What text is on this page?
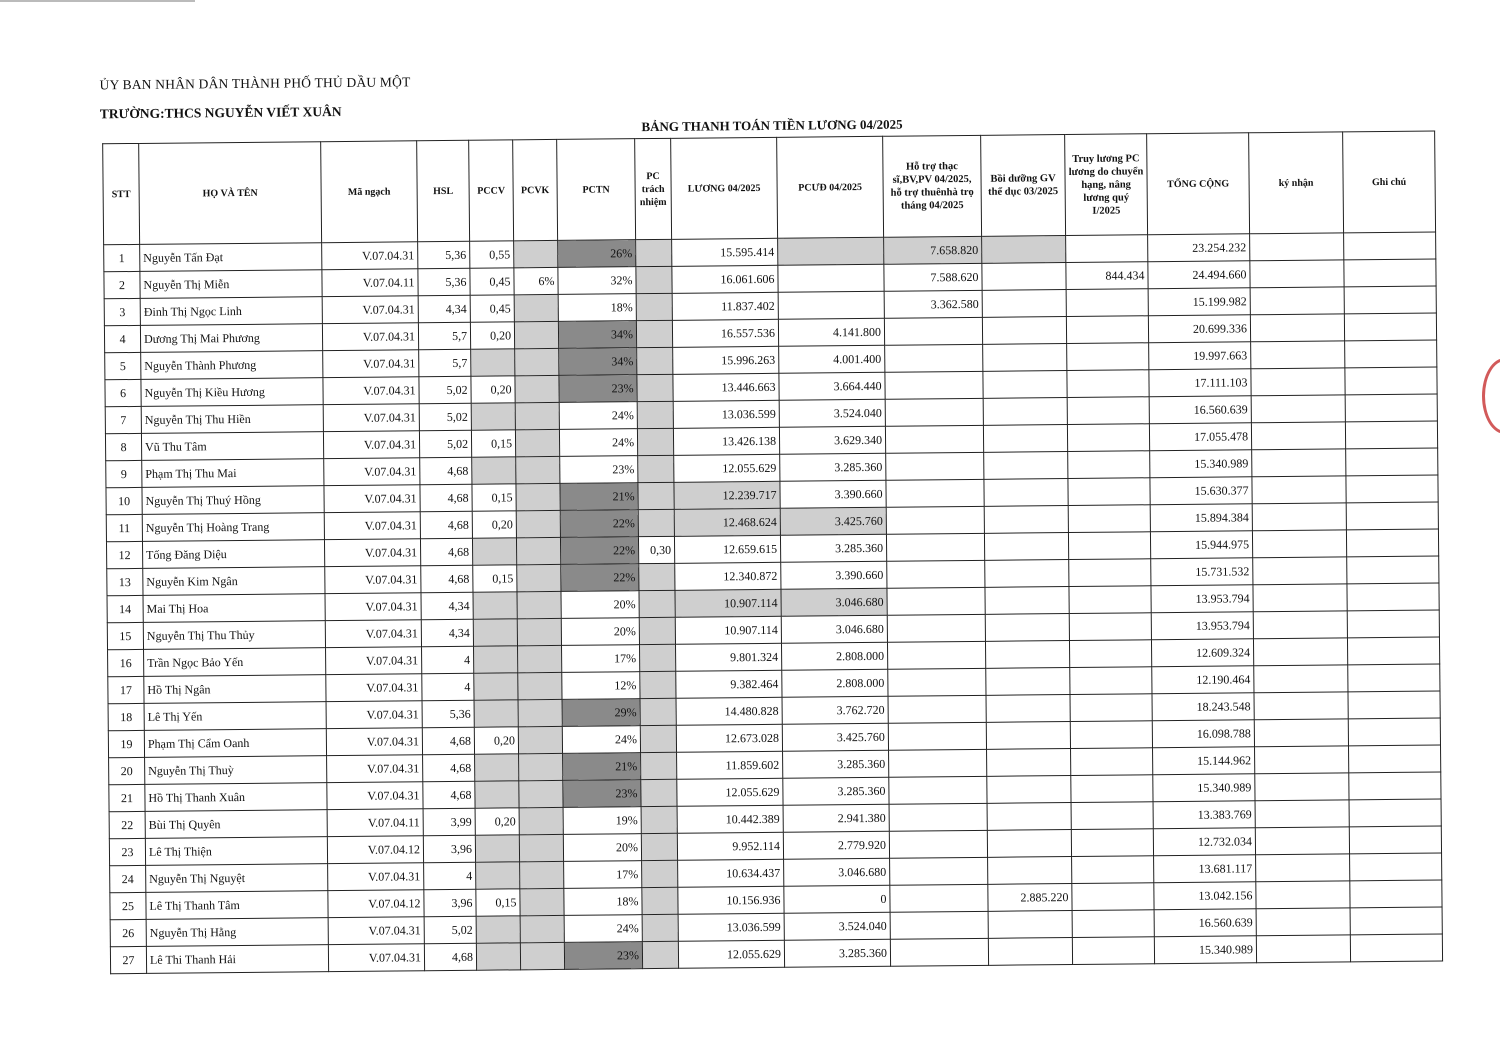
ỦY BAN NHÂN DÂN THÀNH PHỐ THỦ DẦU MỘT
TRƯỜNG:THCS NGUYỄN VIẾT XUÂN
BẢNG THANH TOÁN TIỀN LƯƠNG 04/2025
STT	HỌ VÀ TÊN	Mã ngạch	HSL	PCCV	PCVK	PCTN	PC trách nhiệm	LƯƠNG 04/2025	PCƯĐ 04/2025	Hỗ trợ thạc sĩ,BV,PV 04/2025, hỗ trợ thuênhà trọ tháng 04/2025	Bồi dưỡng GV thể dục 03/2025	Truy lương PC lương do chuyển hạng, nâng lương quý I/2025	TỔNG CỘNG	ký nhận	Ghi chú
1	Nguyễn Tấn Đạt	V.07.04.31	5,36	0,55		26%		15.595.414		7.658.820			23.254.232		
2	Nguyễn Thị Miễn	V.07.04.11	5,36	0,45	6%	32%		16.061.606		7.588.620		844.434	24.494.660		
3	Đinh Thị Ngọc Linh	V.07.04.31	4,34	0,45		18%		11.837.402		3.362.580			15.199.982		
4	Dương Thị Mai Phương	V.07.04.31	5,7	0,20		34%		16.557.536	4.141.800				20.699.336		
5	Nguyễn Thành Phương	V.07.04.31	5,7			34%		15.996.263	4.001.400				19.997.663		
6	Nguyễn Thị Kiều Hương	V.07.04.31	5,02	0,20		23%		13.446.663	3.664.440				17.111.103		
7	Nguyễn Thị Thu Hiền	V.07.04.31	5,02			24%		13.036.599	3.524.040				16.560.639		
8	Vũ Thu Tâm	V.07.04.31	5,02	0,15		24%		13.426.138	3.629.340				17.055.478		
9	Phạm Thị Thu Mai	V.07.04.31	4,68			23%		12.055.629	3.285.360				15.340.989		
10	Nguyễn Thị Thuý Hồng	V.07.04.31	4,68	0,15		21%		12.239.717	3.390.660				15.630.377		
11	Nguyễn Thị Hoàng Trang	V.07.04.31	4,68	0,20		22%		12.468.624	3.425.760				15.894.384		
12	Tống Đăng Diệu	V.07.04.31	4,68			22%	0,30	12.659.615	3.285.360				15.944.975		
13	Nguyễn Kim Ngân	V.07.04.31	4,68	0,15		22%		12.340.872	3.390.660				15.731.532		
14	Mai Thị Hoa	V.07.04.31	4,34			20%		10.907.114	3.046.680				13.953.794		
15	Nguyễn Thị Thu Thủy	V.07.04.31	4,34			20%		10.907.114	3.046.680				13.953.794		
16	Trần Ngọc Bảo Yến	V.07.04.31	4			17%		9.801.324	2.808.000				12.609.324		
17	Hồ Thị Ngân	V.07.04.31	4			12%		9.382.464	2.808.000				12.190.464		
18	Lê Thị Yến	V.07.04.31	5,36			29%		14.480.828	3.762.720				18.243.548		
19	Phạm Thị Cẩm Oanh	V.07.04.31	4,68	0,20		24%		12.673.028	3.425.760				16.098.788		
20	Nguyễn Thị Thuỳ	V.07.04.31	4,68			21%		11.859.602	3.285.360				15.144.962		
21	Hồ Thị Thanh Xuân	V.07.04.31	4,68			23%		12.055.629	3.285.360				15.340.989		
22	Bùi Thị Quyên	V.07.04.11	3,99	0,20		19%		10.442.389	2.941.380				13.383.769		
23	Lê Thị Thiện	V.07.04.12	3,96			20%		9.952.114	2.779.920				12.732.034		
24	Nguyễn Thị Nguyệt	V.07.04.31	4			17%		10.634.437	3.046.680				13.681.117		
25	Lê Thị Thanh Tâm	V.07.04.12	3,96	0,15		18%		10.156.936	0		2.885.220		13.042.156		
26	Nguyễn Thị Hằng	V.07.04.31	5,02			24%		13.036.599	3.524.040				16.560.639		
27	Lê Thi Thanh Hải	V.07.04.31	4,68			23%		12.055.629	3.285.360				15.340.989		
